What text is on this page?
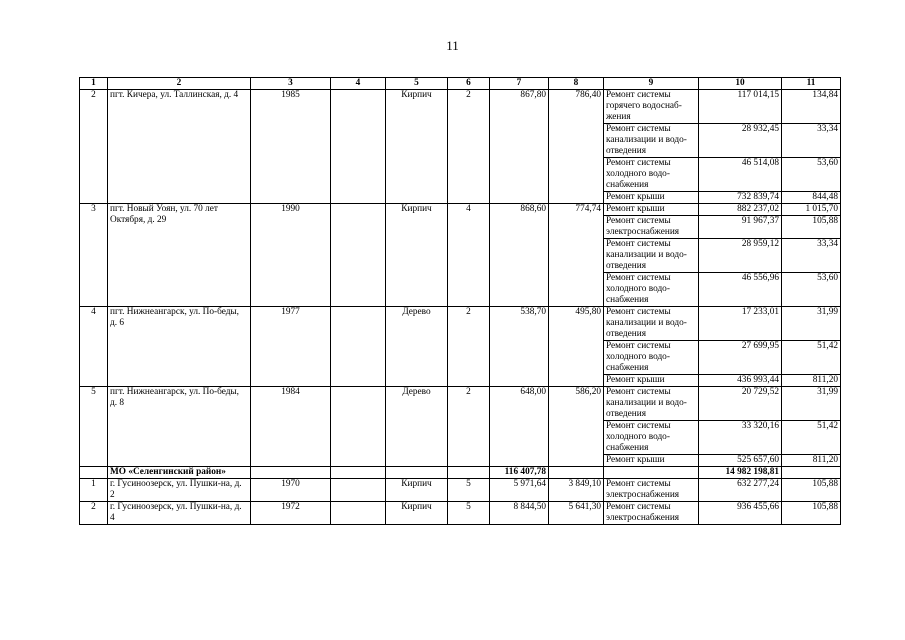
11
1	2	3	4	5	6	7	8	9	10	11
2	пгт. Кичера, ул. Таллинская, д. 4	1985		Кирпич	2	867,80	786,40	Ремонт системы горячего водоснаб-жения	117 014,15	134,84
								Ремонт системы канализации и водо-отведения	28 932,45	33,34
								Ремонт системы холодного водо-снабжения	46 514,08	53,60
								Ремонт крыши	732 839,74	844,48
3	пгт. Новый Уоян, ул. 70 лет Октября, д. 29	1990		Кирпич	4	868,60	774,74	Ремонт крыши	882 237,02	1 015,70
								Ремонт системы электроснабжения	91 967,37	105,88
								Ремонт системы канализации и водо-отведения	28 959,12	33,34
								Ремонт системы холодного водо-снабжения	46 556,96	53,60
4	пгт. Нижнеангарск, ул. По-беды, д. 6	1977		Дерево	2	538,70	495,80	Ремонт системы канализации и водо-отведения	17 233,01	31,99
								Ремонт системы холодного водо-снабжения	27 699,95	51,42
								Ремонт крыши	436 993,44	811,20
5	пгт. Нижнеангарск, ул. По-беды, д. 8	1984		Дерево	2	648,00	586,20	Ремонт системы канализации и водо-отведения	20 729,52	31,99
								Ремонт системы холодного водо-снабжения	33 320,16	51,42
								Ремонт крыши	525 657,60	811,20
	МО «Селенгинский район»					116 407,78			14 982 198,81	
1	г. Гусиноозерск, ул. Пушки-на, д. 2	1970		Кирпич	5	5 971,64	3 849,10	Ремонт системы электроснабжения	632 277,24	105,88
2	г. Гусиноозерск, ул. Пушки-на, д. 4	1972		Кирпич	5	8 844,50	5 641,30	Ремонт системы электроснабжения	936 455,66	105,88
